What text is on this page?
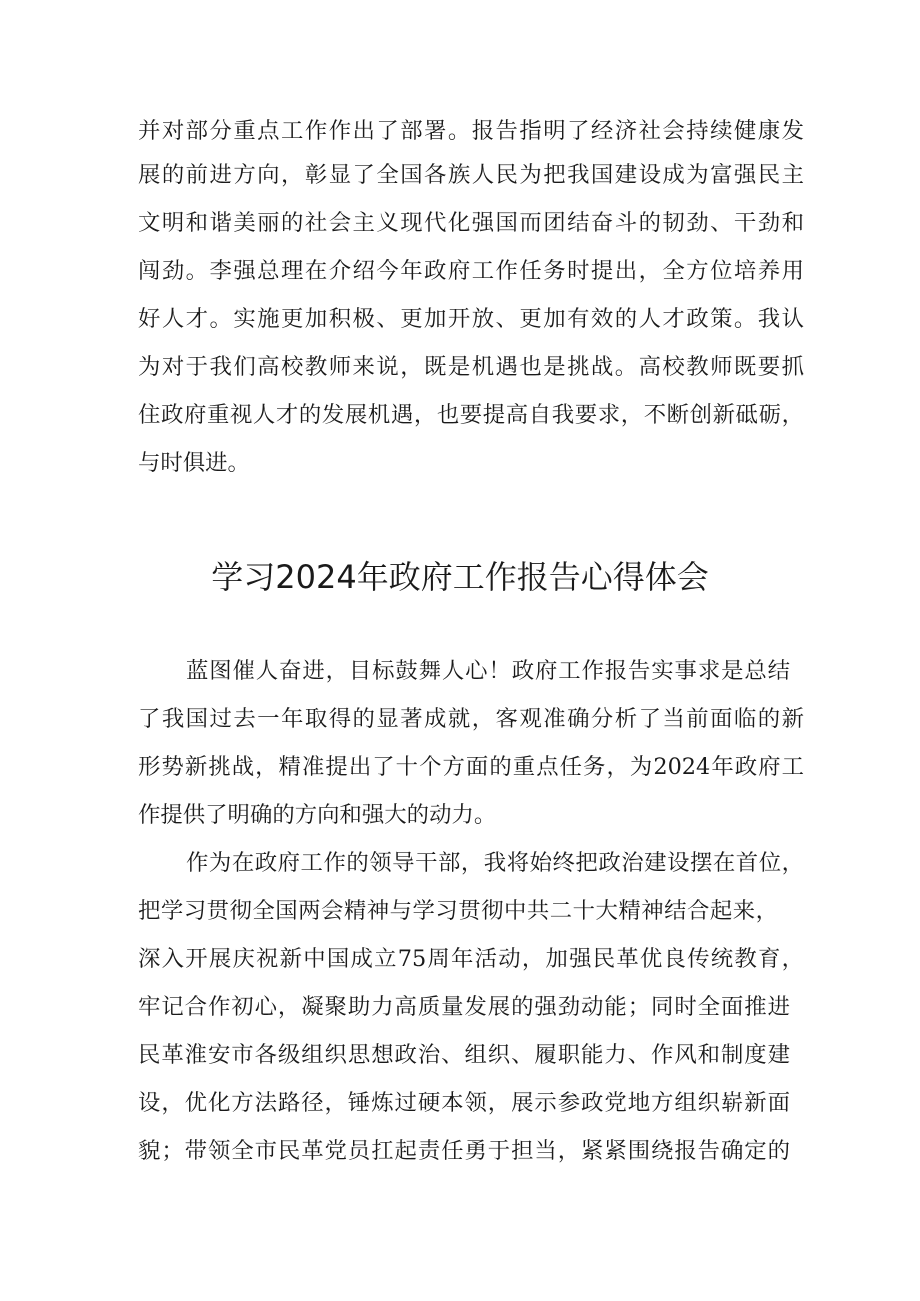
并对部分重点工作作出了部署。报告指明了经济社会持续健康发
展的前进方向，彰显了全国各族人民为把我国建设成为富强民主
文明和谐美丽的社会主义现代化强国而团结奋斗的韧劲、干劲和
闯劲。李强总理在介绍今年政府工作任务时提出，全方位培养用
好人才。实施更加积极、更加开放、更加有效的人才政策。我认
为对于我们高校教师来说，既是机遇也是挑战。高校教师既要抓
住政府重视人才的发展机遇，也要提高自我要求，不断创新砥砺，
与时俱进。
学习2024年政府工作报告心得体会
蓝图催人奋进，目标鼓舞人心！政府工作报告实事求是总结
了我国过去一年取得的显著成就，客观准确分析了当前面临的新
形势新挑战，精准提出了十个方面的重点任务，为2024年政府工
作提供了明确的方向和强大的动力。
作为在政府工作的领导干部，我将始终把政治建设摆在首位，
把学习贯彻全国两会精神与学习贯彻中共二十大精神结合起来，
深入开展庆祝新中国成立75周年活动，加强民革优良传统教育，
牢记合作初心，凝聚助力高质量发展的强劲动能；同时全面推进
民革淮安市各级组织思想政治、组织、履职能力、作风和制度建
设，优化方法路径，锤炼过硬本领，展示参政党地方组织崭新面
貌；带领全市民革党员扛起责任勇于担当，紧紧围绕报告确定的
